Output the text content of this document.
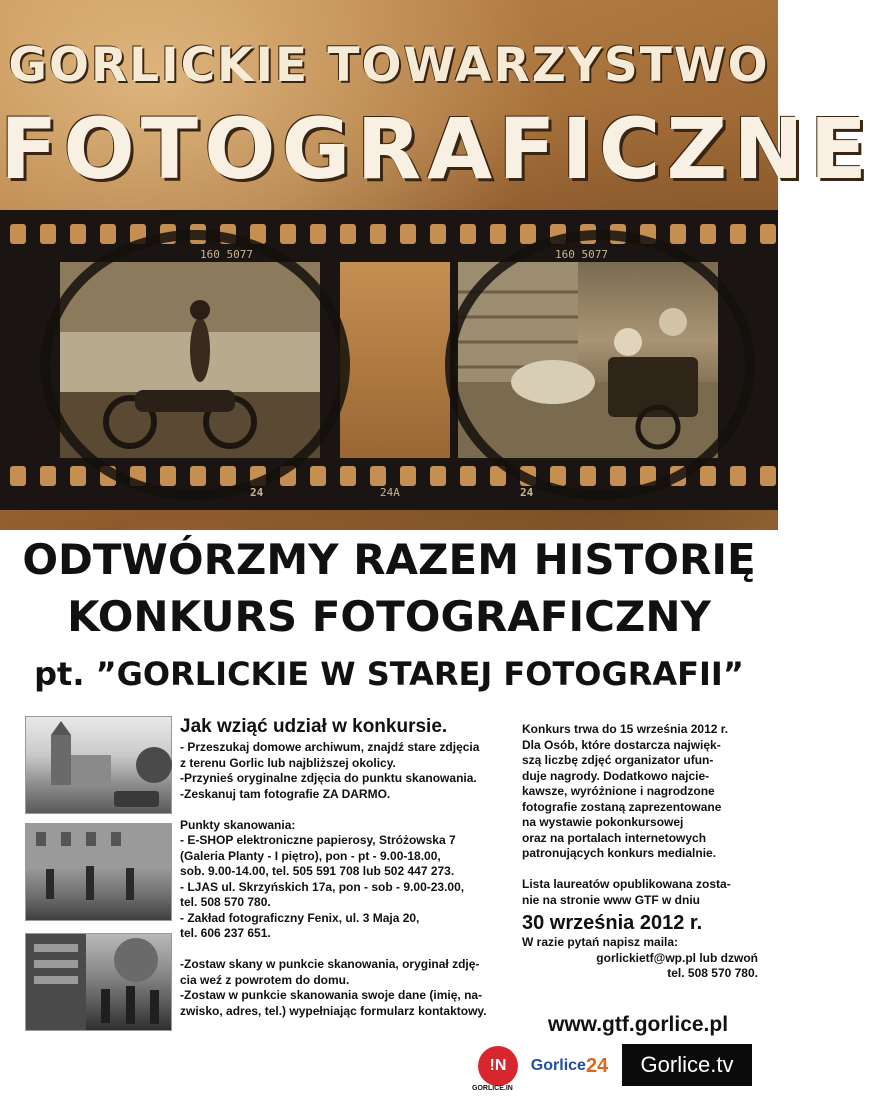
GORLICKIE TOWARZYSTWO
FOTOGRAFICZNE
160 5077	160 5077
24	24A	24
ODTWÓRZMY RAZEM HISTORIĘ
KONKURS FOTOGRAFICZNY
pt. ”GORLICKIE W STAREJ FOTOGRAFII”
Jak wziąć udział w konkursie.
- Przeszukaj domowe archiwum, znajdź stare zdjęcia
z terenu Gorlic lub najbliższej okolicy.
-Przynieś oryginalne zdjęcia do punktu skanowania.
-Zeskanuj tam fotografie ZA DARMO.

Punkty skanowania:
- E-SHOP elektroniczne papierosy, Stróżowska 7
(Galeria Planty - I piętro), pon - pt - 9.00-18.00,
sob. 9.00-14.00, tel. 505 591 708 lub 502 447 273.
- LJAS ul. Skrzyńskich 17a, pon - sob - 9.00-23.00,
tel. 508 570 780.
- Zakład fotograficzny Fenix, ul. 3 Maja 20,
tel. 606 237 651.

-Zostaw skany w punkcie skanowania, oryginał zdję-
cia weź z powrotem do domu.
-Zostaw w punkcie skanowania swoje dane (imię, na-
zwisko, adres, tel.) wypełniając formularz kontaktowy.
Konkurs trwa do 15 września 2012 r.
Dla Osób, które dostarcza najwięk-
szą liczbę zdjęć organizator ufun-
duje nagrody. Dodatkowo najcie-
kawsze, wyróżnione i nagrodzone
fotografie zostaną zaprezentowane
na wystawie pokonkursowej
oraz na portalach internetowych
patronujących konkurs medialnie.

Lista laureatów opublikowana zosta-
nie na stronie www GTF w dniu
30 września 2012 r.
W razie pytań napisz maila:
gorlickietf@wp.pl lub dzwoń
tel. 508 570 780.
www.gtf.gorlice.pl
!N
GORLICE.IN
Gorlice 24	Gorlice.tv
